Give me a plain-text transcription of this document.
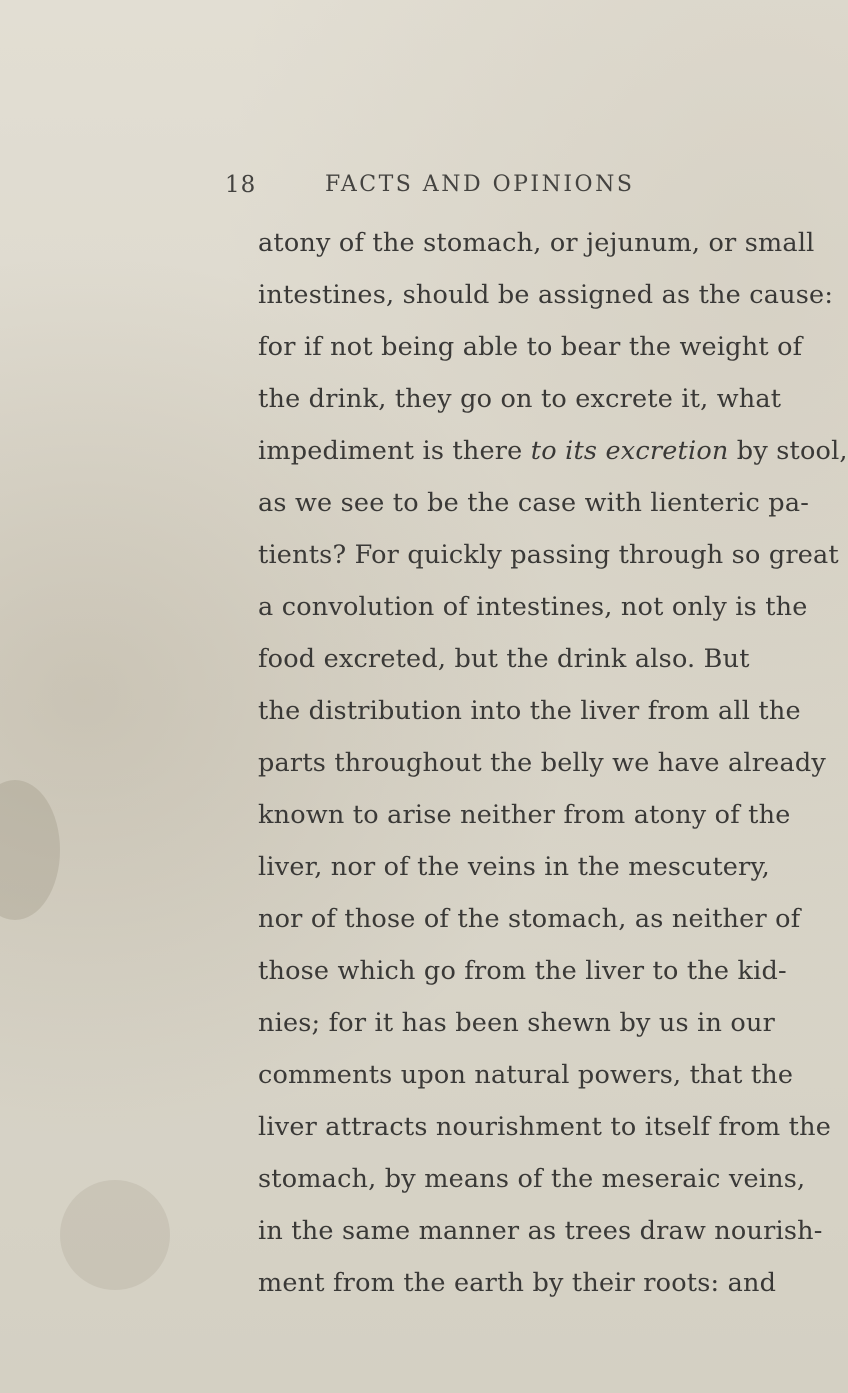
18	FACTS AND OPINIONS
atony of the stomach, or jejunum, or small
intestines, should be assigned as the cause:
for if not being able to bear the weight of
the drink, they go on to excrete it, what
impediment is there to its excretion by stool,
as we see to be the case with lienteric pa-
tients? For quickly passing through so great
a convolution of intestines, not only is the
food excreted, but the drink also. But
the distribution into the liver from all the
parts throughout the belly we have already
known to arise neither from atony of the
liver, nor of the veins in the mescutery,
nor of those of the stomach, as neither of
those which go from the liver to the kid-
nies; for it has been shewn by us in our
comments upon natural powers, that the
liver attracts nourishment to itself from the
stomach, by means of the meseraic veins,
in the same manner as trees draw nourish-
ment from the earth by their roots: and
